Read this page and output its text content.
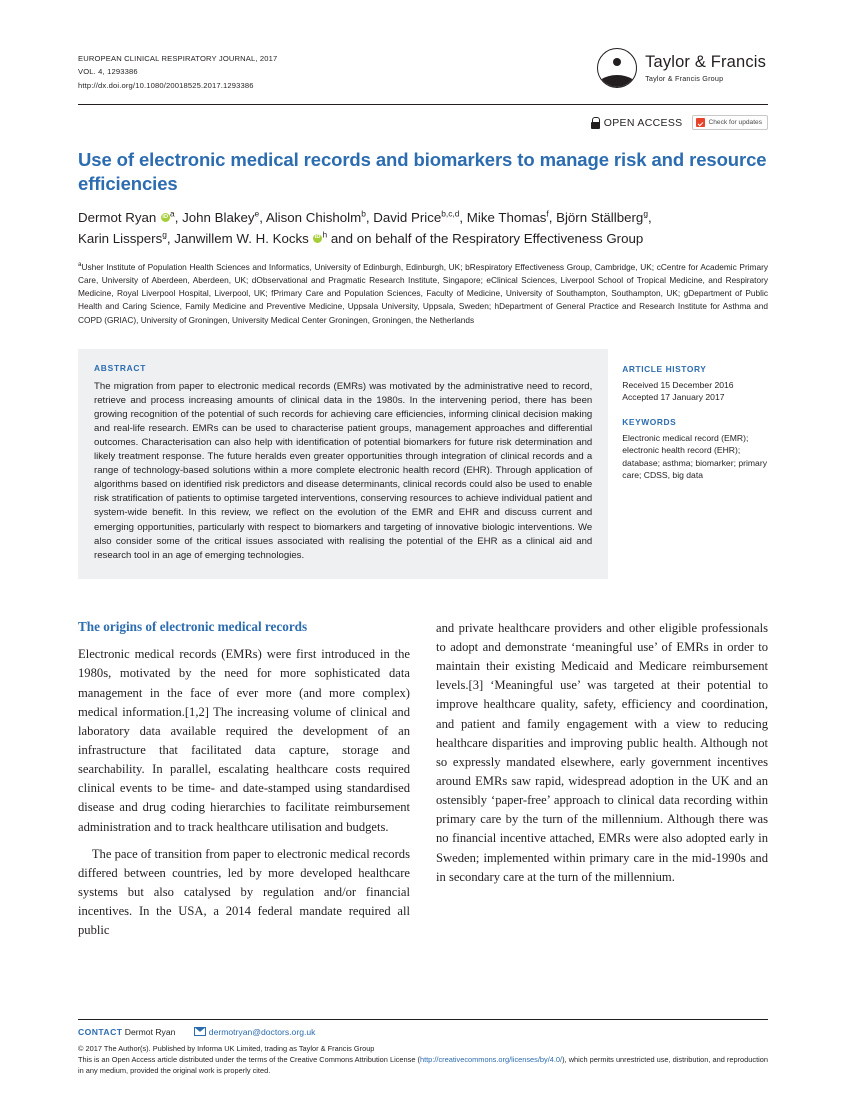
EUROPEAN CLINICAL RESPIRATORY JOURNAL, 2017
VOL. 4, 1293386
http://dx.doi.org/10.1080/20018525.2017.1293386
Taylor & Francis
Taylor & Francis Group
OPEN ACCESS	Check for updates
Use of electronic medical records and biomarkers to manage risk and resource efficiencies
Dermot Ryan $iD^a$, John Blakey$^e$, Alison Chisholm$^b$, David Price$^{b,c,d}$, Mike Thomas$^f$, Björn Ställberg$^g$,
Karin Lisspers$^g$, Janwillem W. H. Kocks $iD^h$ and on behalf of the Respiratory Effectiveness Group
$^a$Usher Institute of Population Health Sciences and Informatics, University of Edinburgh, Edinburgh, UK; bRespiratory Effectiveness Group, Cambridge, UK; cCentre for Academic Primary Care, University of Aberdeen, Aberdeen, UK; dObservational and Pragmatic Research Institute, Singapore; eClinical Sciences, Liverpool School of Tropical Medicine, and Respiratory Medicine, Royal Liverpool Hospital, Liverpool, UK; fPrimary Care and Population Sciences, Faculty of Medicine, University of Southampton, Southampton, UK; gDepartment of Public Health and Caring Science, Family Medicine and Preventive Medicine, Uppsala University, Uppsala, Sweden; hDepartment of General Practice and Research Institute for Asthma and COPD (GRIAC), University of Groningen, University Medical Center Groningen, Groningen, the Netherlands
ABSTRACT
The migration from paper to electronic medical records (EMRs) was motivated by the administrative need to record, retrieve and process increasing amounts of clinical data in the 1980s. In the intervening period, there has been growing recognition of the potential of such records for achieving care efficiencies, informing clinical decision making and real-life research. EMRs can be used to characterise patient groups, management approaches and differential outcomes. Characterisation can also help with identification of potential biomarkers for future risk determination and likely treatment response. The future heralds even greater opportunities through integration of clinical records and a range of technology-based solutions within a more complete electronic health record (EHR). Through application of algorithms based on identified risk predictors and disease determinants, clinical records could also be used to enable risk stratification of patients to optimise targeted interventions, conserving resources to achieve individual patient and system-wide benefit. In this review, we reflect on the evolution of the EMR and EHR and discuss current and emerging opportunities, particularly with respect to biomarkers and targeting of innovative biologic interventions. We also consider some of the critical issues associated with realising the potential of the EHR as a clinical aid and research tool in an age of emerging technologies.
ARTICLE HISTORY
Received 15 December 2016
Accepted 17 January 2017
KEYWORDS
Electronic medical record (EMR); electronic health record (EHR); database; asthma; biomarker; primary care; CDSS, big data
The origins of electronic medical records

Electronic medical records (EMRs) were first introduced in the 1980s, motivated by the need for more sophisticated data management in the face of ever more (and more complex) medical information.[1,2] The increasing volume of clinical and laboratory data available required the development of an infrastructure that facilitated data capture, storage and searchability. In parallel, escalating healthcare costs required clinical events to be time- and date-stamped using standardised disease and drug coding hierarchies to facilitate reimbursement administration and to track healthcare utilisation and budgets.

The pace of transition from paper to electronic medical records differed between countries, led by more developed healthcare systems but also catalysed by regulation and/or financial incentives. In the USA, a 2014 federal mandate required all public

and private healthcare providers and other eligible professionals to adopt and demonstrate ‘meaningful use’ of EMRs in order to maintain their existing Medicaid and Medicare reimbursement levels.[3] ‘Meaningful use’ was targeted at their potential to improve healthcare quality, safety, efficiency and coordination, and patient and family engagement with a view to reducing healthcare disparities and improving public health. Although not so expressly mandated elsewhere, early government incentives around EMRs saw rapid, widespread adoption in the UK and an ostensibly ‘paper-free’ approach to clinical data recording within primary care by the turn of the millennium. Although there was no financial incentive attached, EMRs were also adopted early in Sweden; implemented within primary care in the mid-1990s and in secondary care at the turn of the millennium.

CONTACT Dermot Ryan	dermotryan@doctors.org.uk
© 2017 The Author(s). Published by Informa UK Limited, trading as Taylor & Francis Group
This is an Open Access article distributed under the terms of the Creative Commons Attribution License (http://creativecommons.org/licenses/by/4.0/), which permits unrestricted use, distribution, and reproduction in any medium, provided the original work is properly cited.
